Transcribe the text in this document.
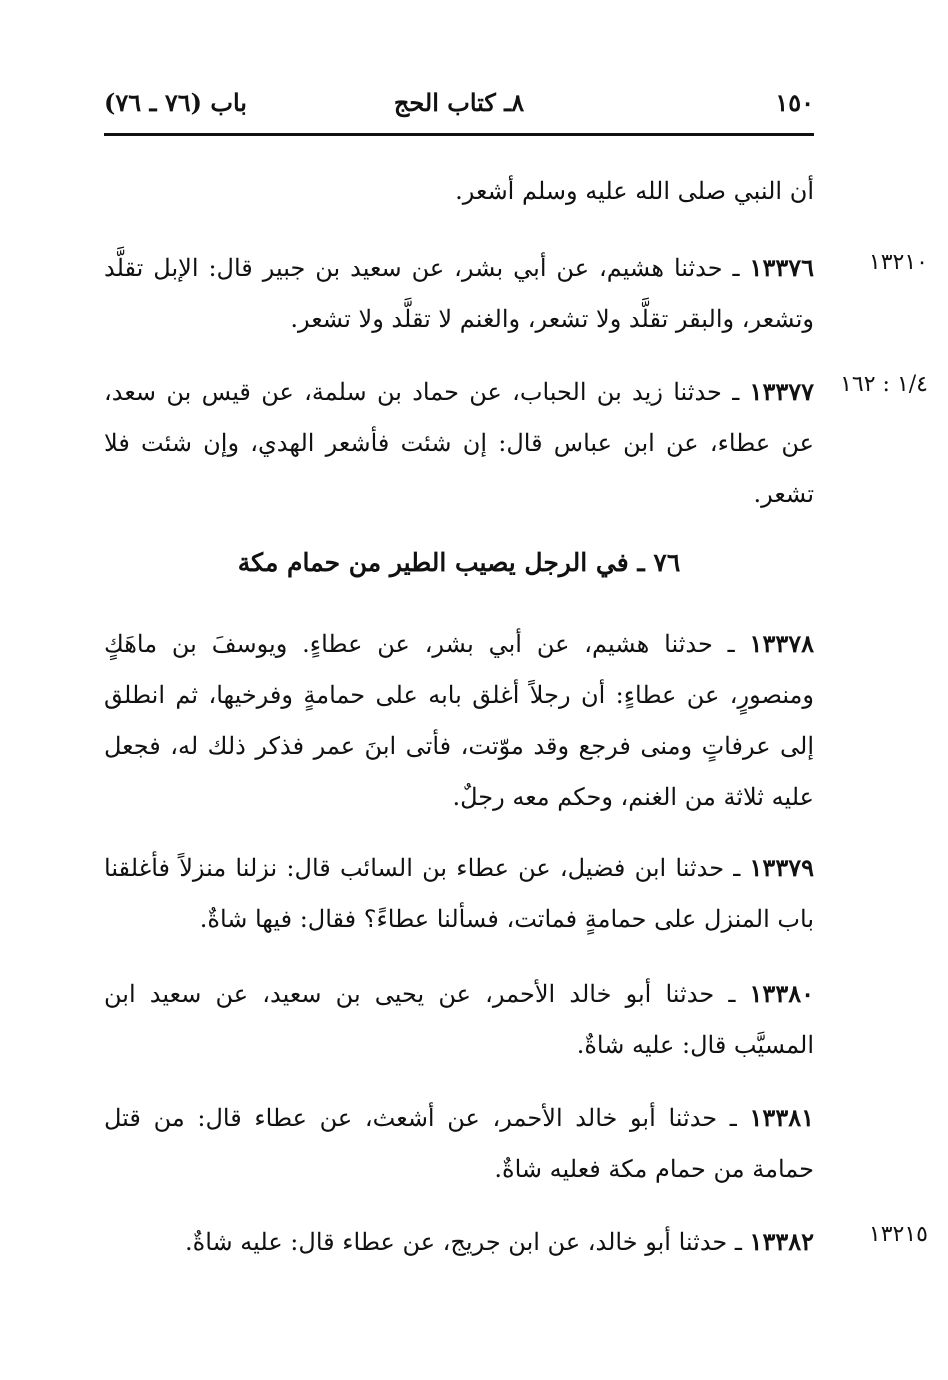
باب (٧٦ ـ ٧٦)	٨ـ كتاب الحج	١٥٠
أن النبي صلى الله عليه وسلم أشعر.
١٣٢١٠
١٣٣٧٦ ـ حدثنا هشيم، عن أبي بشر، عن سعيد بن جبير قال: الإبل تقلَّد وتشعر، والبقر تقلَّد ولا تشعر، والغنم لا تقلَّد ولا تشعر.
١/٤ : ١٦٢
١٣٣٧٧ ـ حدثنا زيد بن الحباب، عن حماد بن سلمة، عن قيس بن سعد، عن عطاء، عن ابن عباس قال: إن شئت فأشعر الهدي، وإن شئت فلا تشعر.
٧٦ ـ في الرجل يصيب الطير من حمام مكة
١٣٣٧٨ ـ حدثنا هشيم، عن أبي بشر، عن عطاءٍ. ويوسفَ بن ماهَكٍ ومنصورٍ، عن عطاءٍ: أن رجلاً أغلق بابه على حمامةٍ وفرخيها، ثم انطلق إلى عرفاتٍ ومنى فرجع وقد موّتت، فأتى ابنَ عمر فذكر ذلك له، فجعل عليه ثلاثة من الغنم، وحكم معه رجلٌ.
١٣٣٧٩ ـ حدثنا ابن فضيل، عن عطاء بن السائب قال: نزلنا منزلاً فأغلقنا باب المنزل على حمامةٍ فماتت، فسألنا عطاءً؟ فقال: فيها شاةٌ.
١٣٣٨٠ ـ حدثنا أبو خالد الأحمر، عن يحيى بن سعيد، عن سعيد ابن المسيَّب قال: عليه شاةٌ.
١٣٣٨١ ـ حدثنا أبو خالد الأحمر، عن أشعث، عن عطاء قال: من قتل حمامة من حمام مكة فعليه شاةٌ.
١٣٢١٥
١٣٣٨٢ ـ حدثنا أبو خالد، عن ابن جريج، عن عطاء قال: عليه شاةٌ.
